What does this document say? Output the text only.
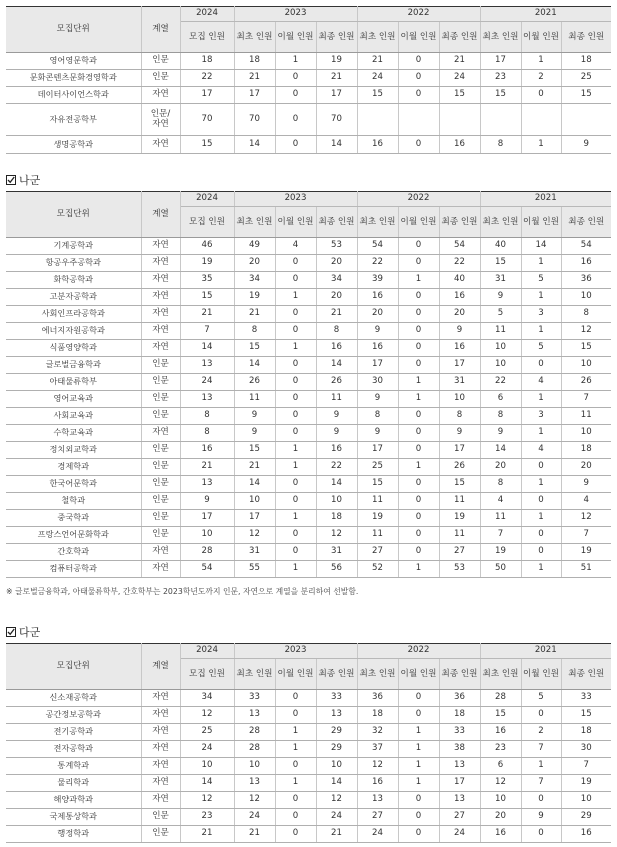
모집단위	계열	2024	2023			2022			2021		
		모집 인원	최초 인원	이월 인원	최종 인원	최초 인원	이월 인원	최종 인원	최초 인원	이월 인원	최종 인원
영어영문학과	인문	18	18	1	19	21	0	21	17	1	18
문화콘텐츠문화경영학과	인문	22	21	0	21	24	0	24	23	2	25
데이터사이언스학과	자연	17	17	0	17	15	0	15	15	0	15
자유전공학부	인문/자연	70	70	0	70						
생명공학과	자연	15	14	0	14	16	0	16	8	1	9
나군
모집단위	계열	2024	2023			2022			2021		
		모집 인원	최초 인원	이월 인원	최종 인원	최초 인원	이월 인원	최종 인원	최초 인원	이월 인원	최종 인원
기계공학과	자연	46	49	4	53	54	0	54	40	14	54
항공우주공학과	자연	19	20	0	20	22	0	22	15	1	16
화학공학과	자연	35	34	0	34	39	1	40	31	5	36
고분자공학과	자연	15	19	1	20	16	0	16	9	1	10
사회인프라공학과	자연	21	21	0	21	20	0	20	5	3	8
에너지자원공학과	자연	7	8	0	8	9	0	9	11	1	12
식품영양학과	자연	14	15	1	16	16	0	16	10	5	15
글로벌금융학과	인문	13	14	0	14	17	0	17	10	0	10
아태물류학부	인문	24	26	0	26	30	1	31	22	4	26
영어교육과	인문	13	11	0	11	9	1	10	6	1	7
사회교육과	인문	8	9	0	9	8	0	8	8	3	11
수학교육과	자연	8	9	0	9	9	0	9	9	1	10
정치외교학과	인문	16	15	1	16	17	0	17	14	4	18
경제학과	인문	21	21	1	22	25	1	26	20	0	20
한국어문학과	인문	13	14	0	14	15	0	15	8	1	9
철학과	인문	9	10	0	10	11	0	11	4	0	4
중국학과	인문	17	17	1	18	19	0	19	11	1	12
프랑스언어문화학과	인문	10	12	0	12	11	0	11	7	0	7
간호학과	자연	28	31	0	31	27	0	27	19	0	19
컴퓨터공학과	자연	54	55	1	56	52	1	53	50	1	51
※ 글로벌금융학과, 아태물류학부, 간호학부는 2023학년도까지 인문, 자연으로 계열을 분리하여 선발함.
다군
모집단위	계열	2024	2023			2022			2021		
		모집 인원	최초 인원	이월 인원	최종 인원	최초 인원	이월 인원	최종 인원	최초 인원	이월 인원	최종 인원
신소재공학과	자연	34	33	0	33	36	0	36	28	5	33
공간정보공학과	자연	12	13	0	13	18	0	18	15	0	15
전기공학과	자연	25	28	1	29	32	1	33	16	2	18
전자공학과	자연	24	28	1	29	37	1	38	23	7	30
통계학과	자연	10	10	0	10	12	1	13	6	1	7
물리학과	자연	14	13	1	14	16	1	17	12	7	19
해양과학과	자연	12	12	0	12	13	0	13	10	0	10
국제통상학과	인문	23	24	0	24	27	0	27	20	9	29
행정학과	인문	21	21	0	21	24	0	24	16	0	16
